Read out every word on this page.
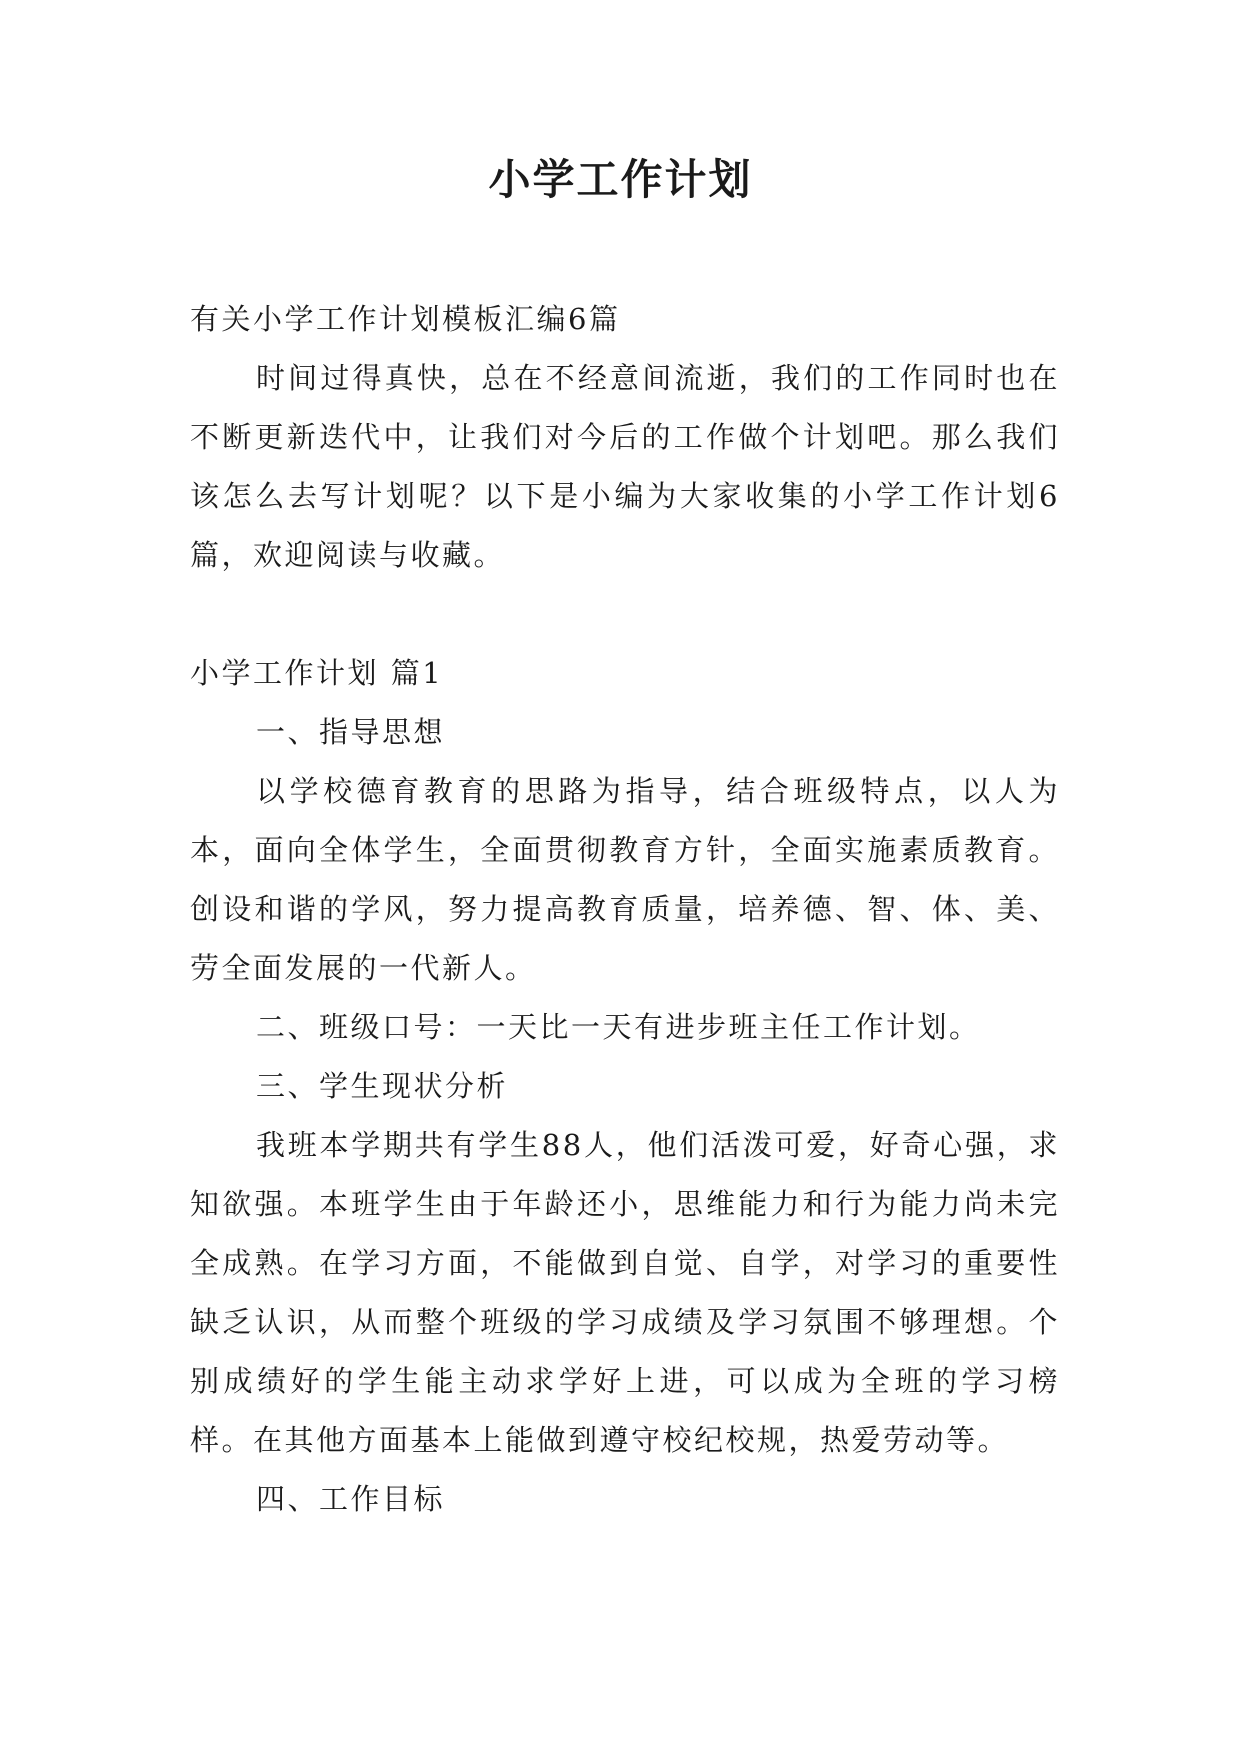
小学工作计划

有关小学工作计划模板汇编6篇

时间过得真快，总在不经意间流逝，我们的工作同时也在不断更新迭代中，让我们对今后的工作做个计划吧。那么我们该怎么去写计划呢？以下是小编为大家收集的小学工作计划6篇，欢迎阅读与收藏。

小学工作计划 篇1

一、指导思想

以学校德育教育的思路为指导，结合班级特点，以人为本，面向全体学生，全面贯彻教育方针，全面实施素质教育。创设和谐的学风，努力提高教育质量，培养德、智、体、美、劳全面发展的一代新人。

二、班级口号：一天比一天有进步班主任工作计划。

三、学生现状分析

我班本学期共有学生88人，他们活泼可爱，好奇心强，求知欲强。本班学生由于年龄还小，思维能力和行为能力尚未完全成熟。在学习方面，不能做到自觉、自学，对学习的重要性缺乏认识，从而整个班级的学习成绩及学习氛围不够理想。个别成绩好的学生能主动求学好上进，可以成为全班的学习榜样。在其他方面基本上能做到遵守校纪校规，热爱劳动等。

四、工作目标
